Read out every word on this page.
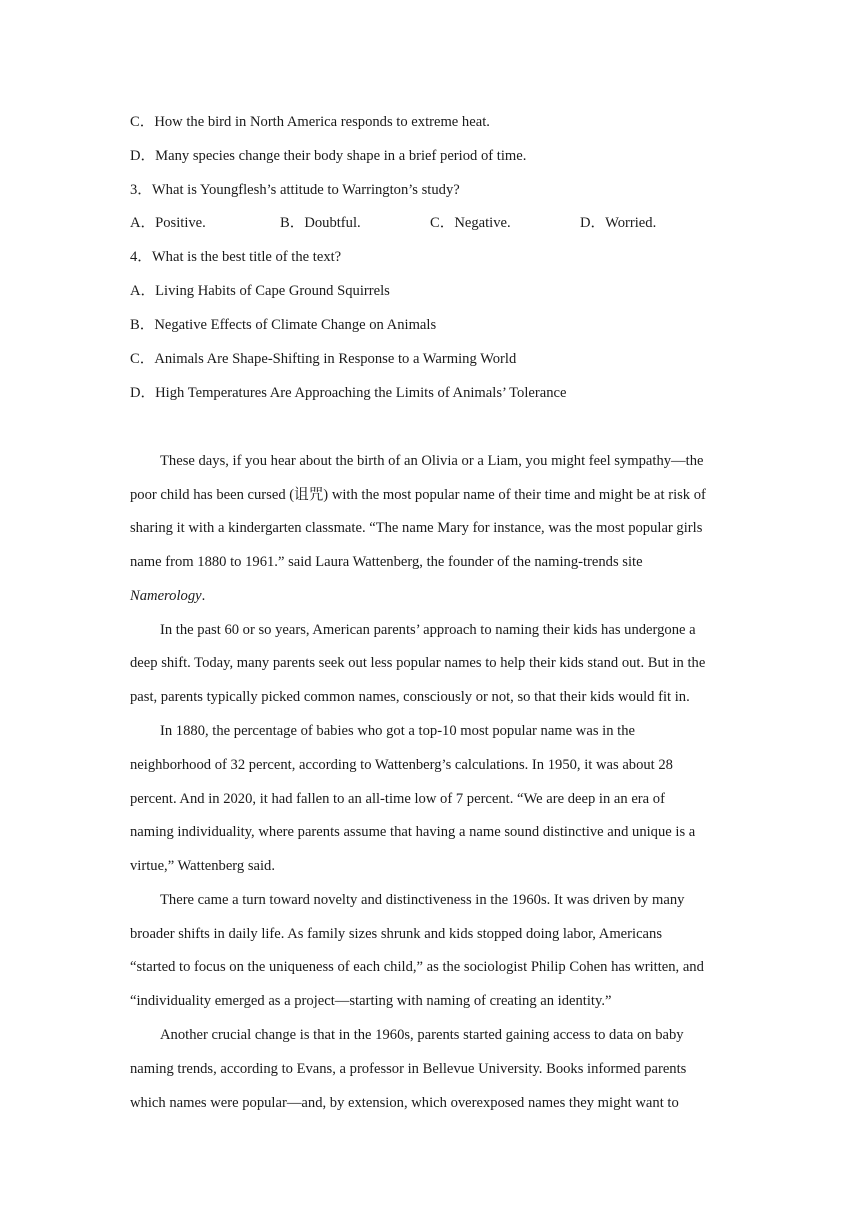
C．How the bird in North America responds to extreme heat.
D．Many species change their body shape in a brief period of time.
3．What is Youngflesh’s attitude to Warrington’s study?
A．Positive.	B．Doubtful.	C．Negative.	D．Worried.
4．What is the best title of the text?
A．Living Habits of Cape Ground Squirrels
B．Negative Effects of Climate Change on Animals
C．Animals Are Shape-Shifting in Response to a Warming World
D．High Temperatures Are Approaching the Limits of Animals’ Tolerance
These days, if you hear about the birth of an Olivia or a Liam, you might feel sympathy—the
poor child has been cursed (诅咒) with the most popular name of their time and might be at risk of
sharing it with a kindergarten classmate. “The name Mary for instance, was the most popular girls
name from 1880 to 1961.” said Laura Wattenberg, the founder of the naming-trends site
Namerology.
In the past 60 or so years, American parents’ approach to naming their kids has undergone a
deep shift. Today, many parents seek out less popular names to help their kids stand out. But in the
past, parents typically picked common names, consciously or not, so that their kids would fit in.
In 1880, the percentage of babies who got a top-10 most popular name was in the
neighborhood of 32 percent, according to Wattenberg’s calculations. In 1950, it was about 28
percent. And in 2020, it had fallen to an all-time low of 7 percent. “We are deep in an era of
naming individuality, where parents assume that having a name sound distinctive and unique is a
virtue,” Wattenberg said.
There came a turn toward novelty and distinctiveness in the 1960s. It was driven by many
broader shifts in daily life. As family sizes shrunk and kids stopped doing labor, Americans
“started to focus on the uniqueness of each child,” as the sociologist Philip Cohen has written, and
“individuality emerged as a project—starting with naming of creating an identity.”
Another crucial change is that in the 1960s, parents started gaining access to data on baby
naming trends, according to Evans, a professor in Bellevue University. Books informed parents
which names were popular—and, by extension, which overexposed names they might want to
